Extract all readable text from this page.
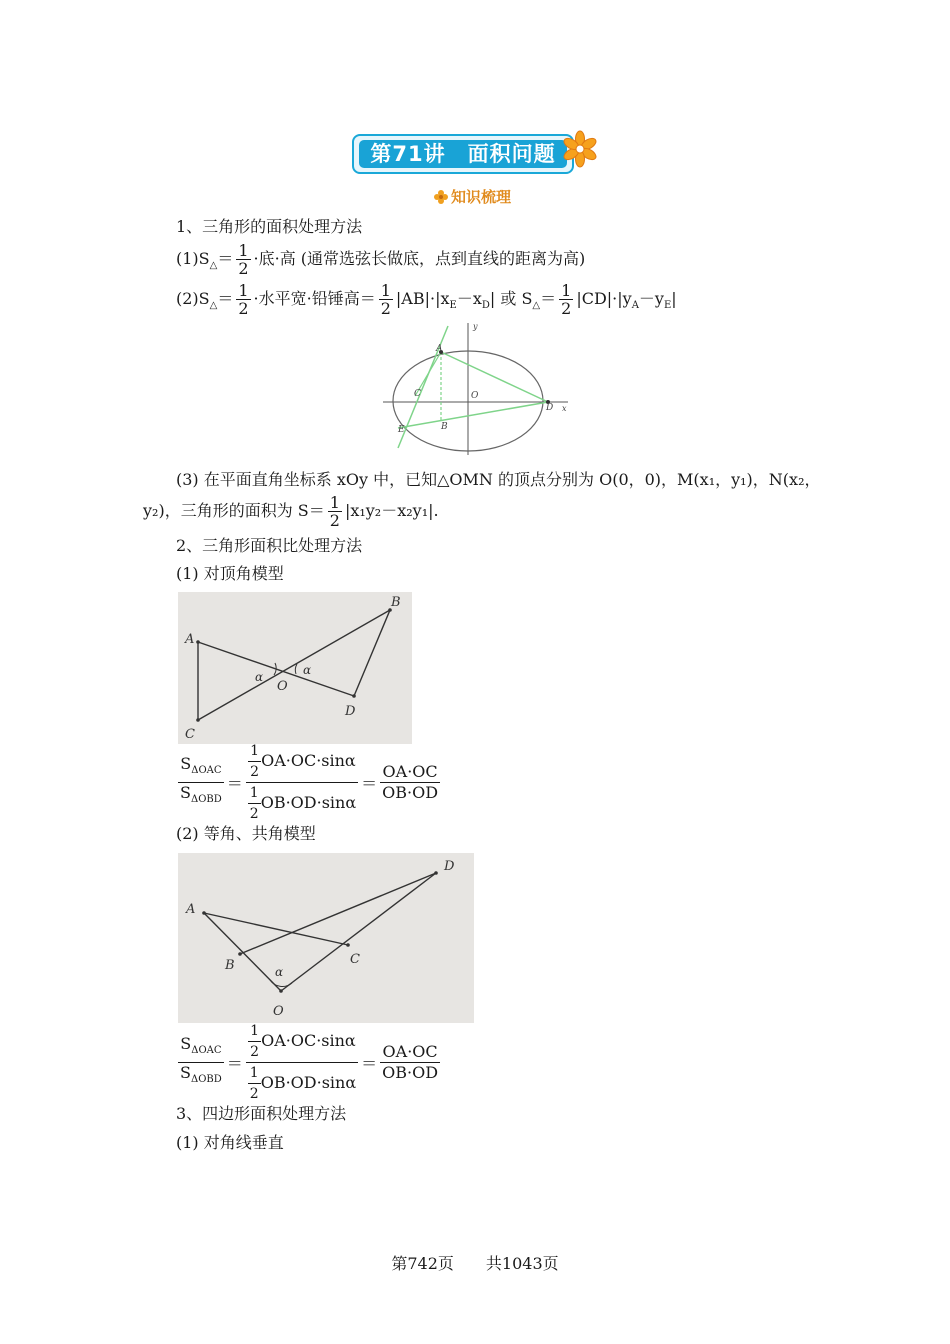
第71讲　面积问题
知识梳理
1、三角形的面积处理方法
$(1)S_\triangle= \frac{1}{2}$ ·底·高 (通常选弦长做底，点到直线的距离为高)
$(2)S_\triangle= \frac{1}{2}$ ·水平宽·铅锤高＝ $\frac{1}{2} |AB|\cdot|x_E-x_D|$ 或 $S_\triangle= \frac{1}{2} |CD|\cdot|y_A-y_E|$
A
B
C
D
E
O
x
y
(3) 在平面直角坐标系 xOy 中，已知△OMN 的顶点分别为 O(0，0)，M(x₁，y₁)，N(x₂，
y₂)，三角形的面积为 $S= \frac{1}{2} |x_1y_2-x_2y_1|$.
2、三角形面积比处理方法
(1) 对顶角模型
A
B
C
D
O
α	α
$\frac{S_{\Delta OAC}}{S_{\Delta OBD}} = \frac{\frac{1}{2} OA\cdot OC\cdot\sin\alpha}{\frac{1}{2} OB\cdot OD\cdot\sin\alpha} = \frac{OA\cdot OC}{OB\cdot OD}$
(2) 等角、共角模型
A
B	C
D
O
α
$\frac{S_{\Delta OAC}}{S_{\Delta OBD}} = \frac{\frac{1}{2} OA\cdot OC\cdot\sin\alpha}{\frac{1}{2} OB\cdot OD\cdot\sin\alpha} = \frac{OA\cdot OC}{OB\cdot OD}$
3、四边形面积处理方法
(1) 对角线垂直
第742页　　共1043页
